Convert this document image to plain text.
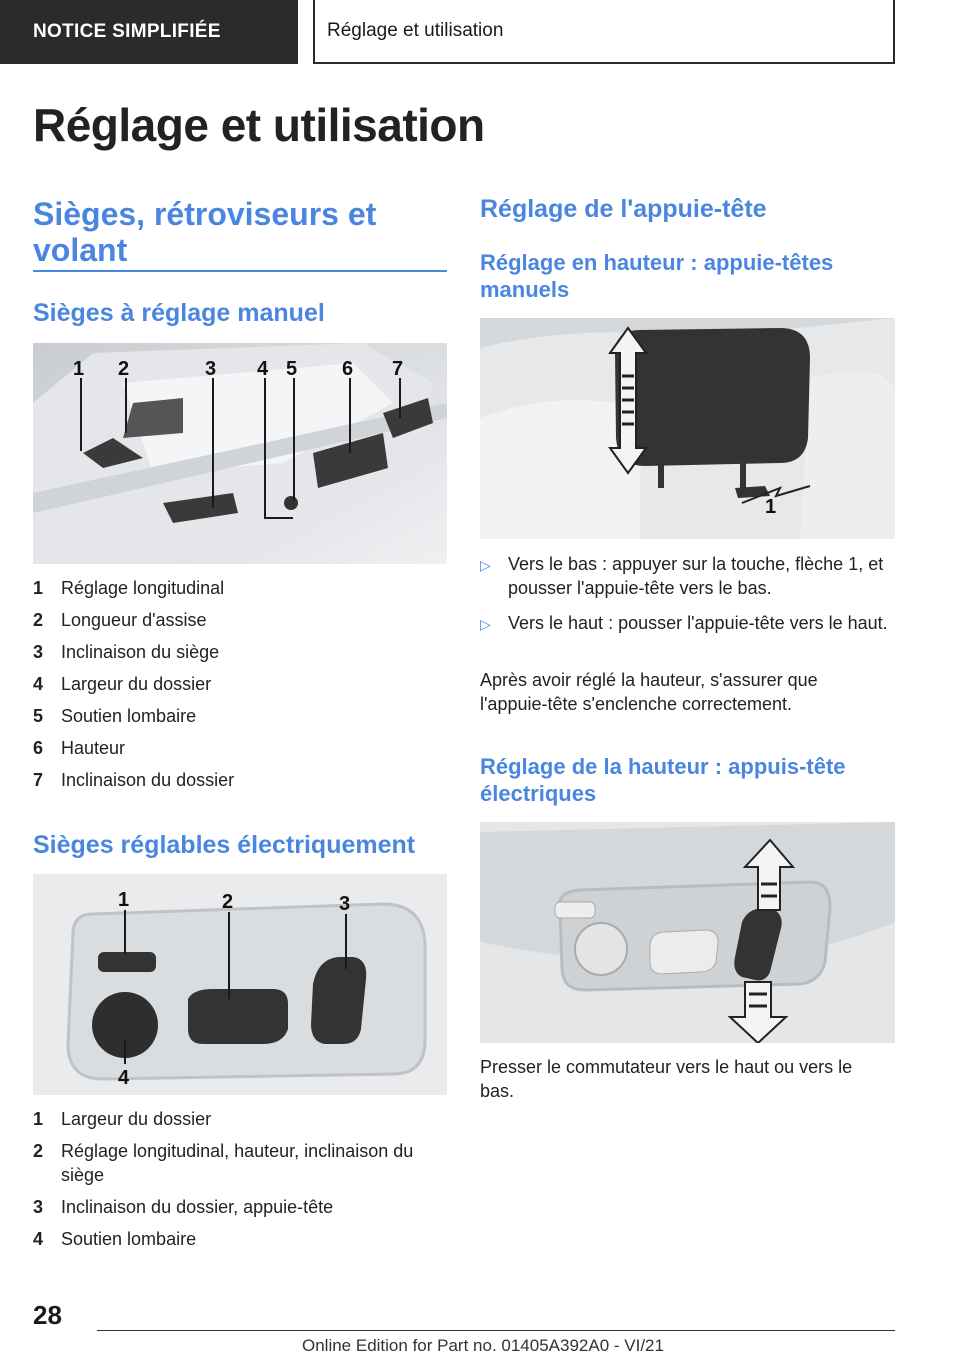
NOTICE SIMPLIFIÉE	Réglage et utilisation
Réglage et utilisation
Sièges, rétroviseurs et volant
Sièges à réglage manuel
1 2	3 4 5 6 7
1 Réglage longitudinal
2 Longueur d'assise
3 Inclinaison du siège
4 Largeur du dossier
5 Soutien lombaire
6 Hauteur
7 Inclinaison du dossier
Sièges réglables électriquement
1	2	3
4
1 Largeur du dossier
2 Réglage longitudinal, hauteur, inclinaison du siège
3 Inclinaison du dossier, appuie-tête
4 Soutien lombaire
Réglage de l'appuie-tête
Réglage en hauteur : appuie-têtes manuels
1
▷ Vers le bas : appuyer sur la touche, flèche 1, et pousser l'appuie-tête vers le bas.
▷ Vers le haut : pousser l'appuie-tête vers le haut.
Après avoir réglé la hauteur, s'assurer que l'appuie-tête s'enclenche correctement.
Réglage de la hauteur : appuis-tête électriques
Presser le commutateur vers le haut ou vers le bas.
28
Online Edition for Part no. 01405A392A0 - VI/21
